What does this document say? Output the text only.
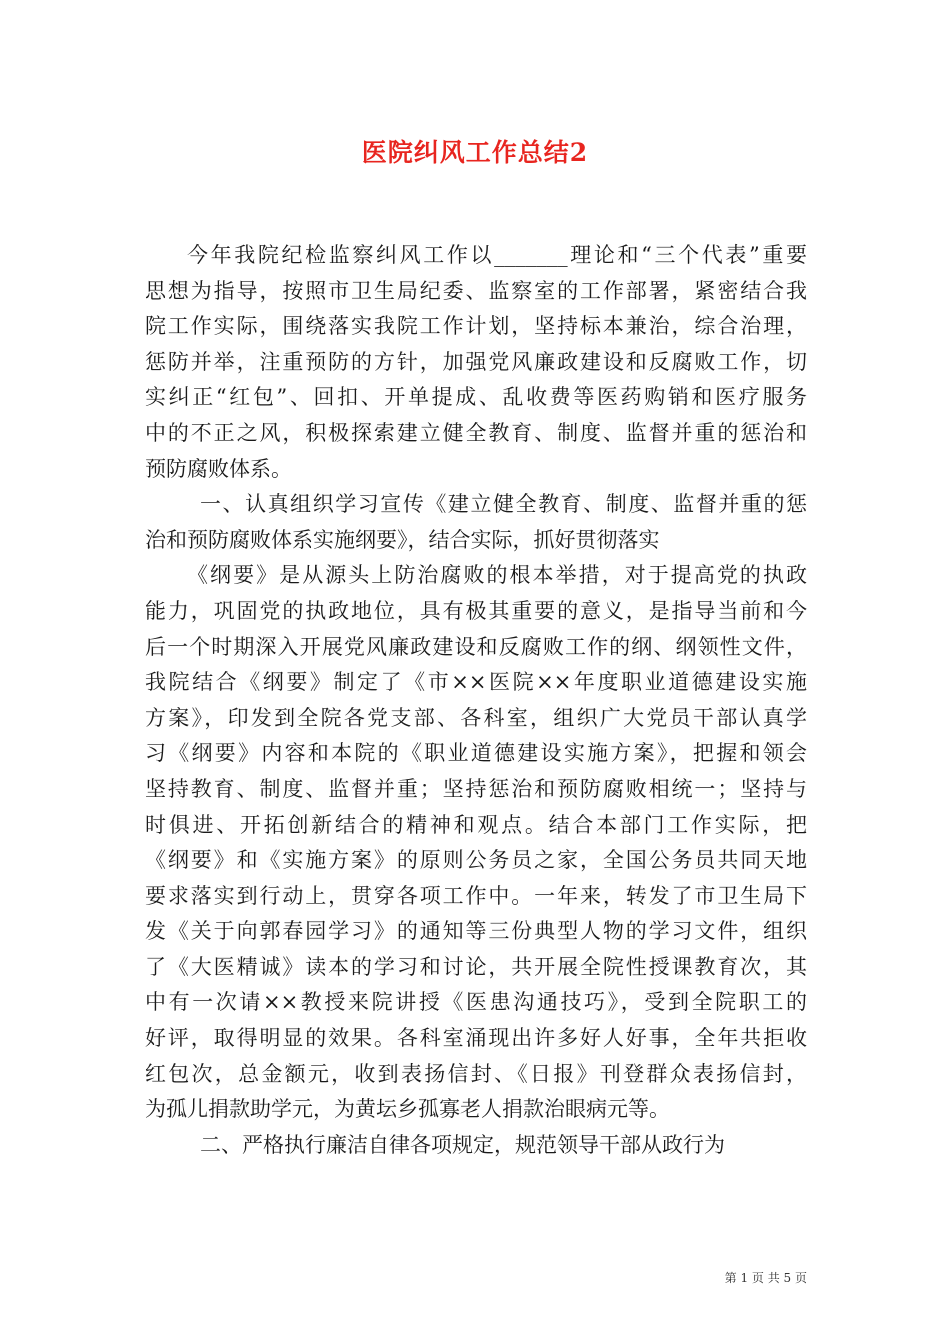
医院纠风工作总结2
今年我院纪检监察纠风工作以_______理论和“三个代表”重要
思想为指导，按照市卫生局纪委、监察室的工作部署，紧密结合我
院工作实际，围绕落实我院工作计划，坚持标本兼治，综合治理，
惩防并举，注重预防的方针，加强党风廉政建设和反腐败工作，切
实纠正“红包”、回扣、开单提成、乱收费等医药购销和医疗服务
中的不正之风，积极探索建立健全教育、制度、监督并重的惩治和
预防腐败体系。
一、认真组织学习宣传《建立健全教育、制度、监督并重的惩
治和预防腐败体系实施纲要》，结合实际，抓好贯彻落实
《纲要》是从源头上防治腐败的根本举措，对于提高党的执政
能力，巩固党的执政地位，具有极其重要的意义，是指导当前和今
后一个时期深入开展党风廉政建设和反腐败工作的纲、纲领性文件，
我院结合《纲要》制定了《市××医院××年度职业道德建设实施
方案》，印发到全院各党支部、各科室，组织广大党员干部认真学
习《纲要》内容和本院的《职业道德建设实施方案》，把握和领会
坚持教育、制度、监督并重；坚持惩治和预防腐败相统一；坚持与
时俱进、开拓创新结合的精神和观点。结合本部门工作实际，把
《纲要》和《实施方案》的原则公务员之家，全国公务员共同天地
要求落实到行动上，贯穿各项工作中。一年来，转发了市卫生局下
发《关于向郭春园学习》的通知等三份典型人物的学习文件，组织
了《大医精诚》读本的学习和讨论，共开展全院性授课教育次，其
中有一次请××教授来院讲授《医患沟通技巧》，受到全院职工的
好评，取得明显的效果。各科室涌现出许多好人好事，全年共拒收
红包次，总金额元，收到表扬信封、《日报》刊登群众表扬信封，
为孤儿捐款助学元，为黄坛乡孤寡老人捐款治眼病元等。
二、严格执行廉洁自律各项规定，规范领导干部从政行为
第 1 页 共 5 页
